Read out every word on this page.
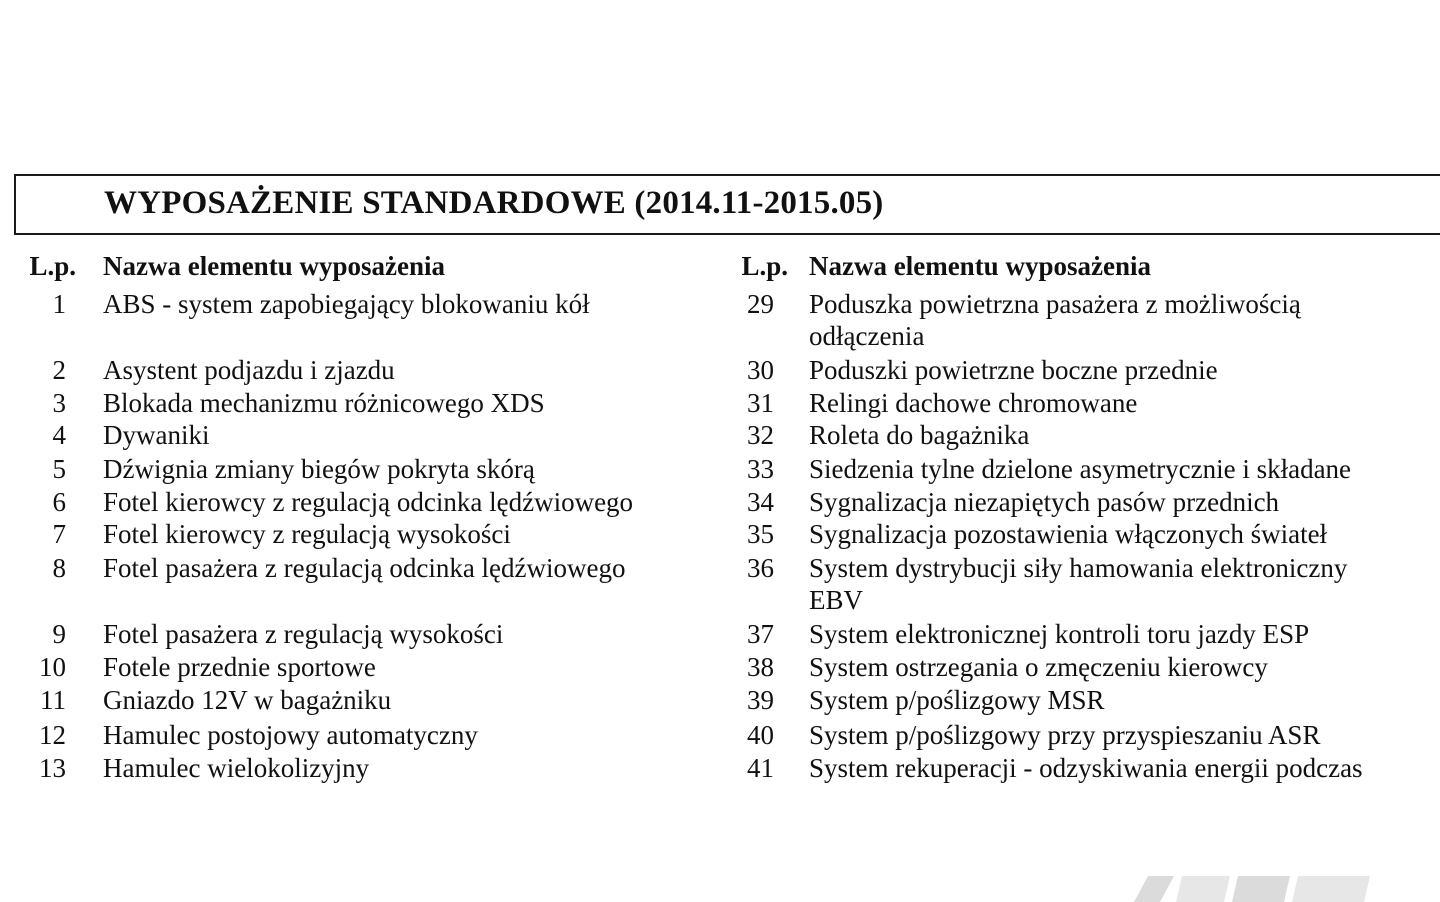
WYPOSAŻENIE STANDARDOWE (2014.11-2015.05)
L.p. Nazwa elementu wyposażenia
1 ABS - system zapobiegający blokowaniu kół
2 Asystent podjazdu i zjazdu
3 Blokada mechanizmu różnicowego XDS
4 Dywaniki
5 Dźwignia zmiany biegów pokryta skórą
6 Fotel kierowcy z regulacją odcinka lędźwiowego
7 Fotel kierowcy z regulacją wysokości
8 Fotel pasażera z regulacją odcinka lędźwiowego
9 Fotel pasażera z regulacją wysokości
10 Fotele przednie sportowe
11 Gniazdo 12V w bagażniku
12 Hamulec postojowy automatyczny
13 Hamulec wielokolizyjny
L.p. Nazwa elementu wyposażenia
29 Poduszka powietrzna pasażera z możliwością
odłączenia
30 Poduszki powietrzne boczne przednie
31 Relingi dachowe chromowane
32 Roleta do bagażnika
33 Siedzenia tylne dzielone asymetrycznie i składane
34 Sygnalizacja niezapiętych pasów przednich
35 Sygnalizacja pozostawienia włączonych świateł
36 System dystrybucji siły hamowania elektroniczny
EBV
37 System elektronicznej kontroli toru jazdy ESP
38 System ostrzegania o zmęczeniu kierowcy
39 System p/poślizgowy MSR
40 System p/poślizgowy przy przyspieszaniu ASR
41 System rekuperacji - odzyskiwania energii podczas
